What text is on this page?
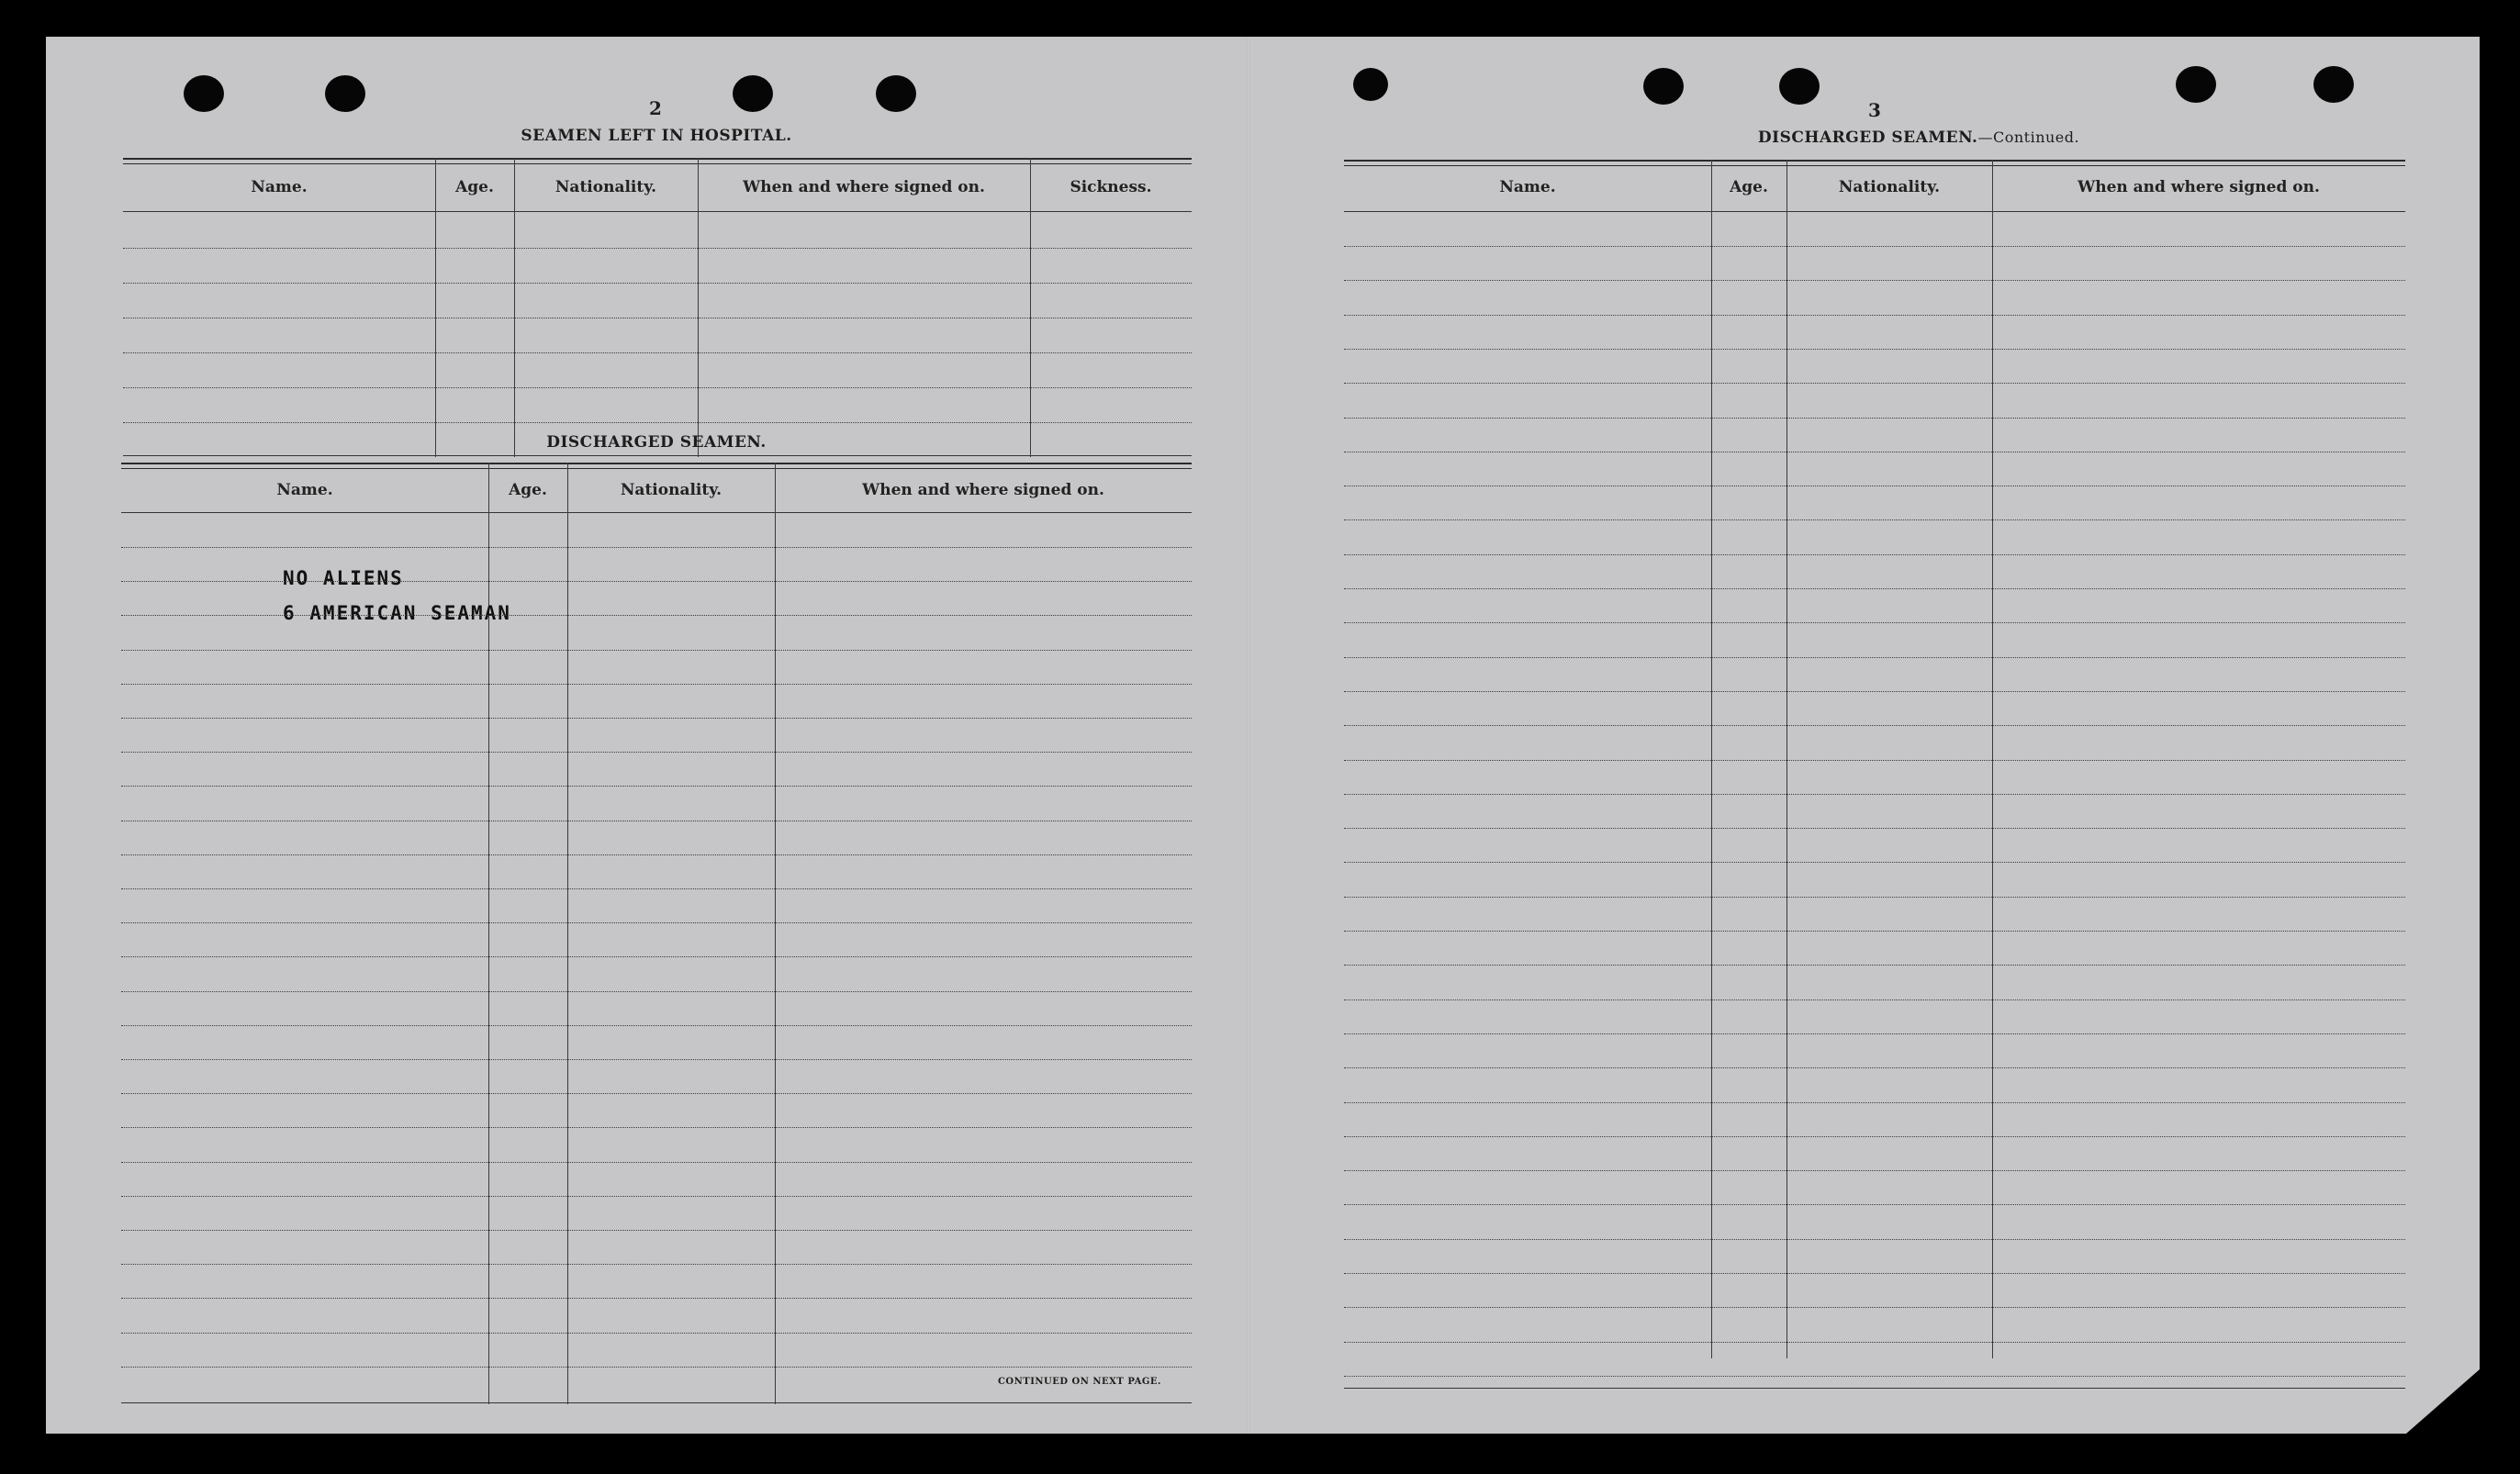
2
SEAMEN LEFT IN HOSPITAL.
Name.	Age.	Nationality.	When and where signed on.	Sickness.
DISCHARGED SEAMEN.
Name.	Age.	Nationality.	When and where signed on.
NO ALIENS
6 AMERICAN SEAMAN
CONTINUED ON NEXT PAGE.
3
DISCHARGED SEAMEN.—Continued.
Name.	Age.	Nationality.	When and where signed on.
